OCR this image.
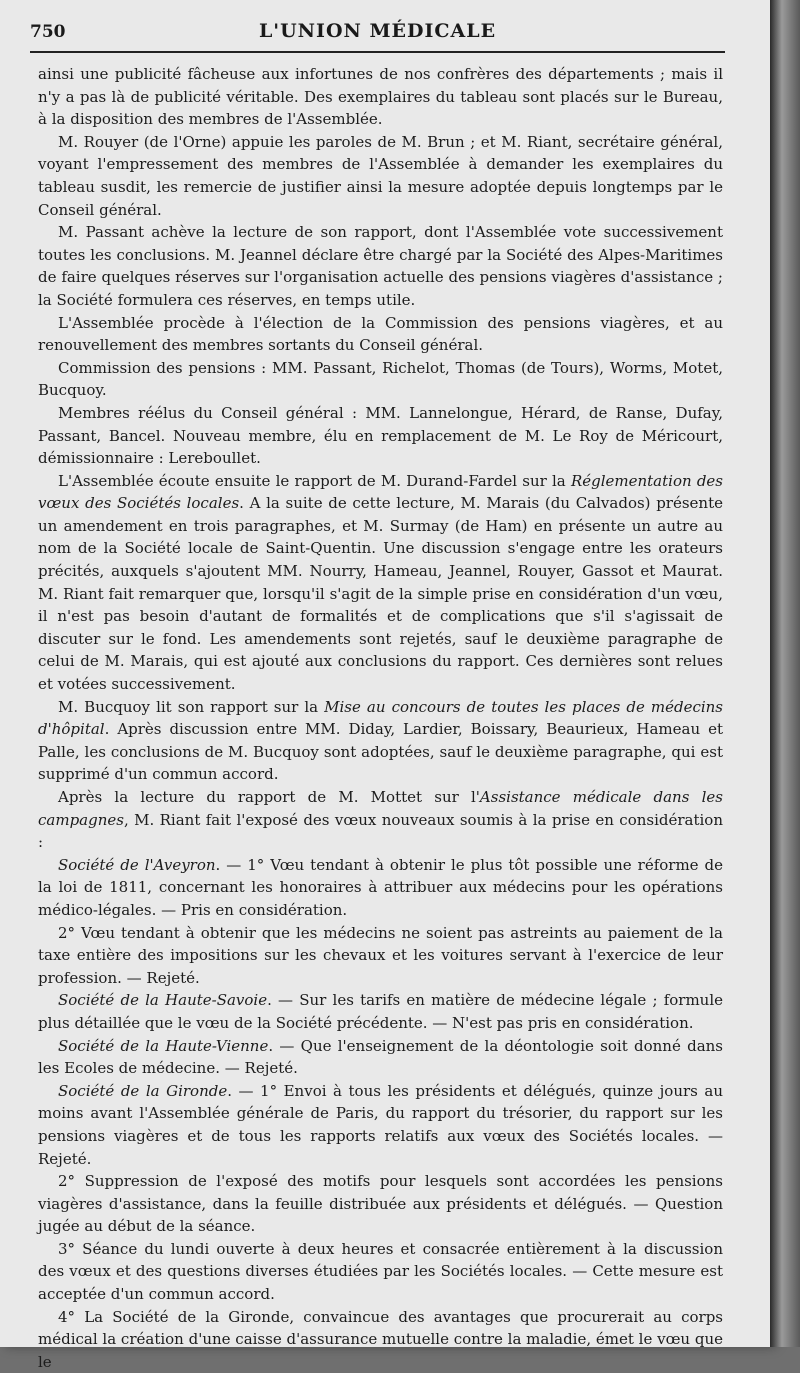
750	L'UNION MÉDICALE

ainsi une publicité fâcheuse aux infortunes de nos confrères des départements ; mais il n'y a pas là de publicité véritable. Des exemplaires du tableau sont placés sur le Bureau, à la disposition des membres de l'Assemblée.

M. Rouyer (de l'Orne) appuie les paroles de M. Brun ; et M. Riant, secrétaire général, voyant l'empressement des membres de l'Assemblée à demander les exemplaires du tableau susdit, les remercie de justifier ainsi la mesure adoptée depuis longtemps par le Conseil général.

M. Passant achève la lecture de son rapport, dont l'Assemblée vote successivement toutes les conclusions. M. Jeannel déclare être chargé par la Société des Alpes-Maritimes de faire quelques réserves sur l'organisation actuelle des pensions viagères d'assistance ; la Société formulera ces réserves, en temps utile.

L'Assemblée procède à l'élection de la Commission des pensions viagères, et au renouvellement des membres sortants du Conseil général.

Commission des pensions : MM. Passant, Richelot, Thomas (de Tours), Worms, Motet, Bucquoy.

Membres réélus du Conseil général : MM. Lannelongue, Hérard, de Ranse, Dufay, Passant, Bancel. Nouveau membre, élu en remplacement de M. Le Roy de Méricourt, démissionnaire : Lereboullet.

L'Assemblée écoute ensuite le rapport de M. Durand-Fardel sur la Réglementation des vœux des Sociétés locales. A la suite de cette lecture, M. Marais (du Calvados) présente un amendement en trois paragraphes, et M. Surmay (de Ham) en présente un autre au nom de la Société locale de Saint-Quentin. Une discussion s'engage entre les orateurs précités, auxquels s'ajoutent MM. Nourry, Hameau, Jeannel, Rouyer, Gassot et Maurat. M. Riant fait remarquer que, lorsqu'il s'agit de la simple prise en considération d'un vœu, il n'est pas besoin d'autant de formalités et de complications que s'il s'agissait de discuter sur le fond. Les amendements sont rejetés, sauf le deuxième paragraphe de celui de M. Marais, qui est ajouté aux conclusions du rapport. Ces dernières sont relues et votées successivement.

M. Bucquoy lit son rapport sur la Mise au concours de toutes les places de médecins d'hôpital. Après discussion entre MM. Diday, Lardier, Boissary, Beaurieux, Hameau et Palle, les conclusions de M. Bucquoy sont adoptées, sauf le deuxième paragraphe, qui est supprimé d'un commun accord.

Après la lecture du rapport de M. Mottet sur l'Assistance médicale dans les campagnes, M. Riant fait l'exposé des vœux nouveaux soumis à la prise en considération :

Société de l'Aveyron. — 1° Vœu tendant à obtenir le plus tôt possible une réforme de la loi de 1811, concernant les honoraires à attribuer aux médecins pour les opérations médico-légales. — Pris en considération.

2° Vœu tendant à obtenir que les médecins ne soient pas astreints au paiement de la taxe entière des impositions sur les chevaux et les voitures servant à l'exercice de leur profession. — Rejeté.

Société de la Haute-Savoie. — Sur les tarifs en matière de médecine légale ; formule plus détaillée que le vœu de la Société précédente. — N'est pas pris en considération.

Société de la Haute-Vienne. — Que l'enseignement de la déontologie soit donné dans les Ecoles de médecine. — Rejeté.

Société de la Gironde. — 1° Envoi à tous les présidents et délégués, quinze jours au moins avant l'Assemblée générale de Paris, du rapport du trésorier, du rapport sur les pensions viagères et de tous les rapports relatifs aux vœux des Sociétés locales. — Rejeté.

2° Suppression de l'exposé des motifs pour lesquels sont accordées les pensions viagères d'assistance, dans la feuille distribuée aux présidents et délégués. — Question jugée au début de la séance.

3° Séance du lundi ouverte à deux heures et consacrée entièrement à la discussion des vœux et des questions diverses étudiées par les Sociétés locales. — Cette mesure est acceptée d'un commun accord.

4° La Société de la Gironde, convaincue des avantages que procurerait au corps médical la création d'une caisse d'assurance mutuelle contre la maladie, émet le vœu que le
